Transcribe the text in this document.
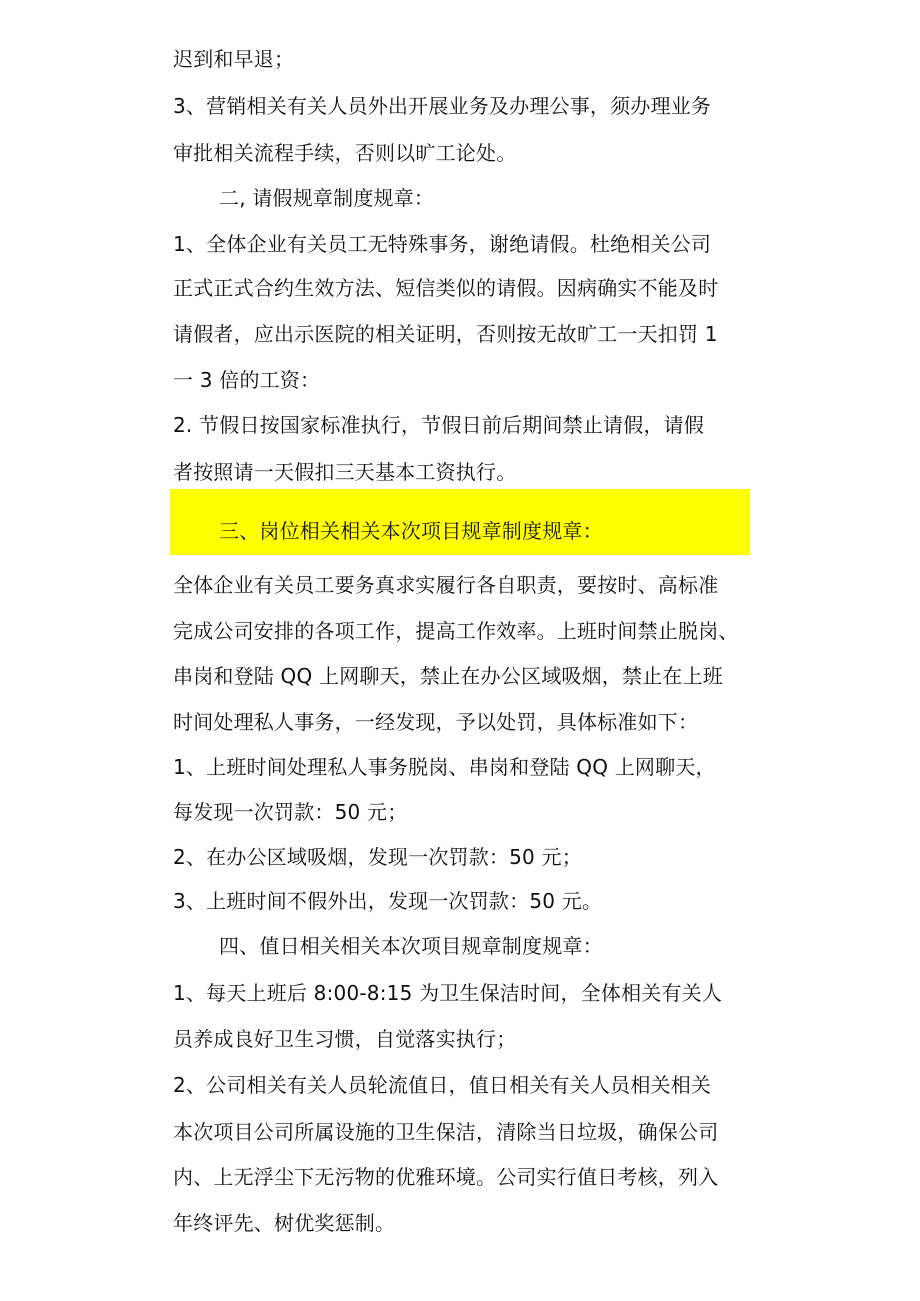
迟到和早退；
3、营销相关有关人员外出开展业务及办理公事，须办理业务
审批相关流程手续，否则以旷工论处。
二, 请假规章制度规章：
1、全体企业有关员工无特殊事务，谢绝请假。杜绝相关公司
正式正式合约生效方法、短信类似的请假。因病确实不能及时
请假者，应出示医院的相关证明，否则按无故旷工一天扣罚 1
一 3 倍的工资：
2. 节假日按国家标准执行，节假日前后期间禁止请假，请假
者按照请一天假扣三天基本工资执行。
三、岗位相关相关本次项目规章制度规章：
全体企业有关员工要务真求实履行各自职责，要按时、高标准
完成公司安排的各项工作，提高工作效率。上班时间禁止脱岗、
串岗和登陆 QQ 上网聊天，禁止在办公区域吸烟，禁止在上班
时间处理私人事务，一经发现，予以处罚，具体标准如下：
1、上班时间处理私人事务脱岗、串岗和登陆 QQ 上网聊天，
每发现一次罚款：50 元；
2、在办公区域吸烟，发现一次罚款：50 元；
3、上班时间不假外出，发现一次罚款：50 元。
四、值日相关相关本次项目规章制度规章：
1、每天上班后 8:00-8:15 为卫生保洁时间，全体相关有关人
员养成良好卫生习惯，自觉落实执行；
2、公司相关有关人员轮流值日，值日相关有关人员相关相关
本次项目公司所属设施的卫生保洁，清除当日垃圾，确保公司
内、上无浮尘下无污物的优雅环境。公司实行值日考核，列入
年终评先、树优奖惩制。
